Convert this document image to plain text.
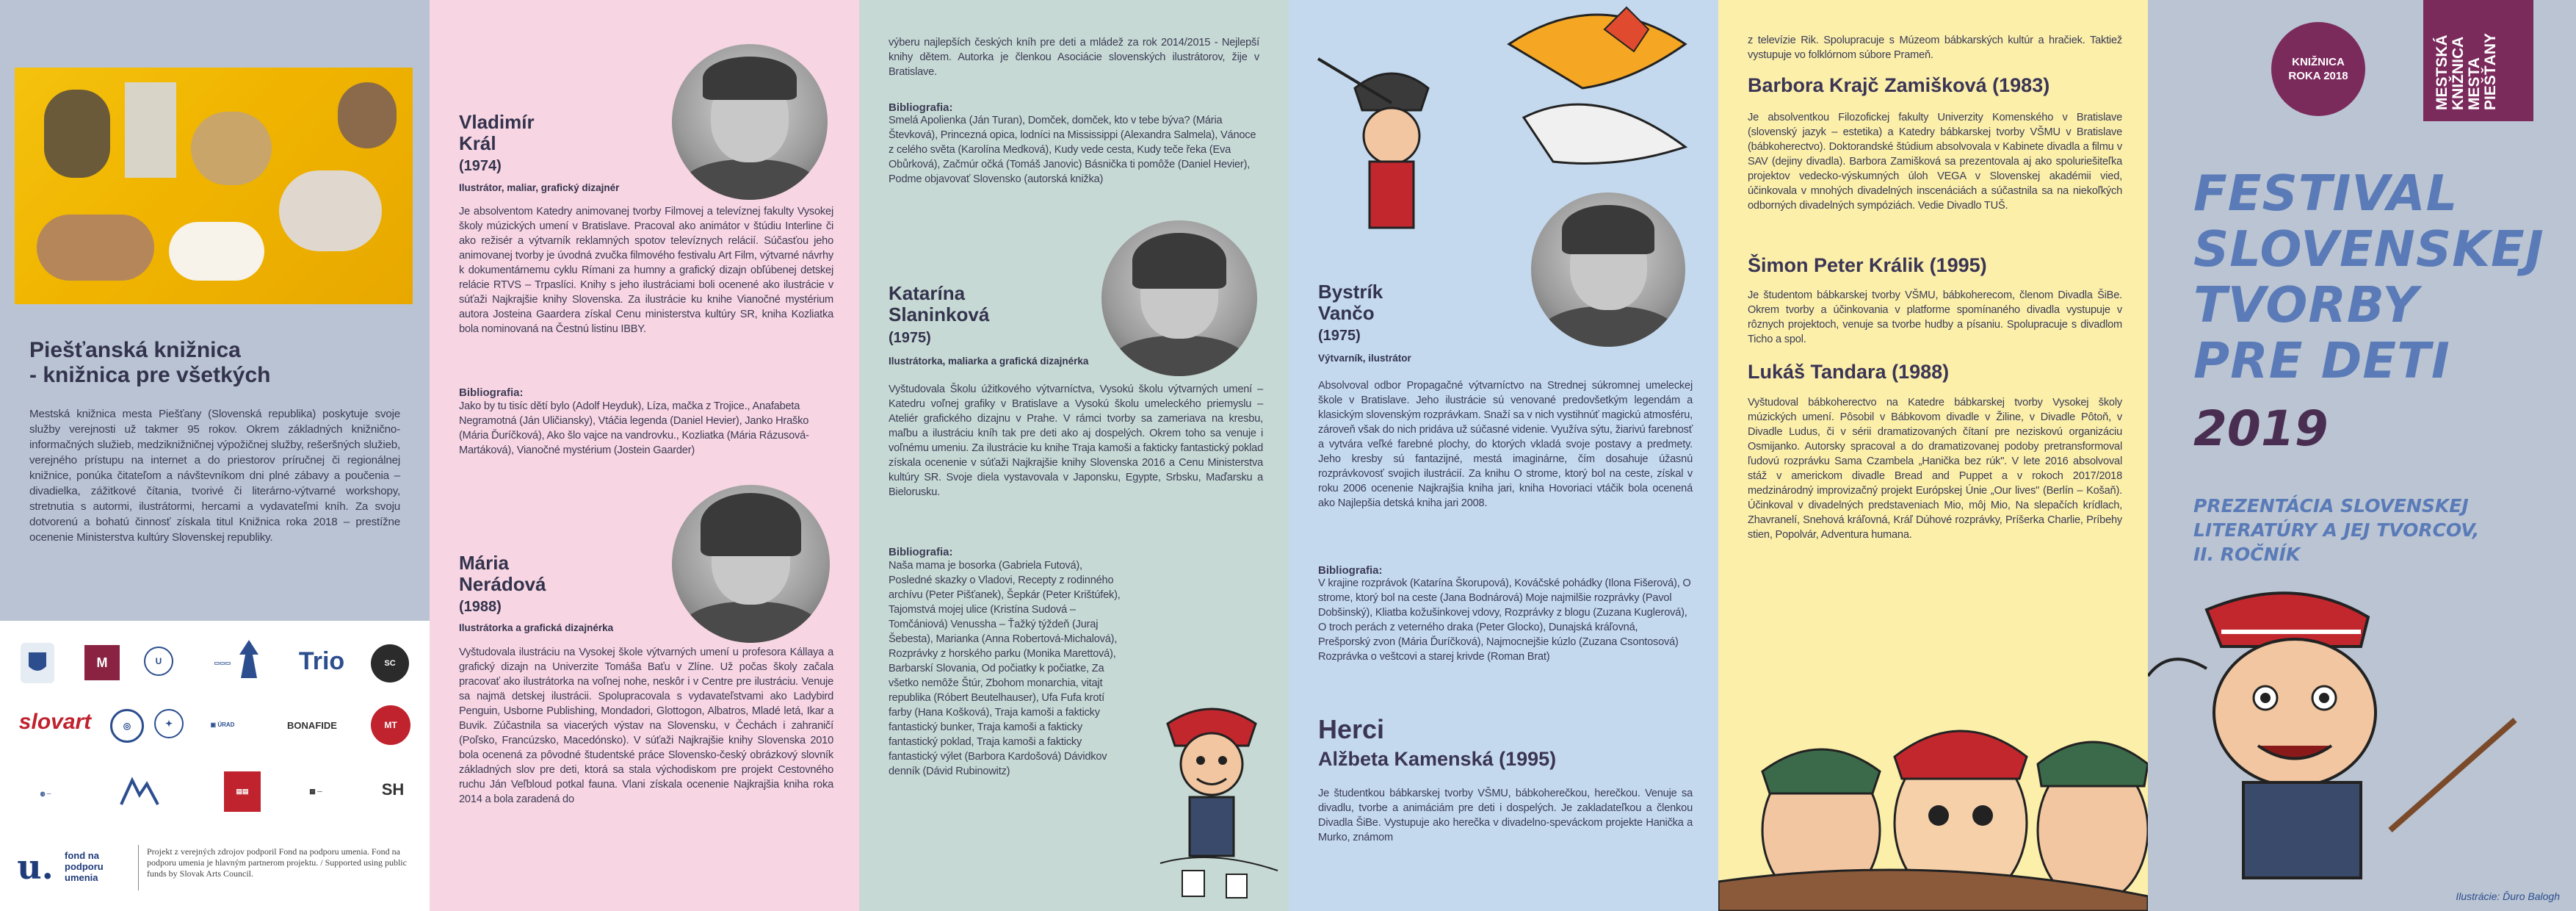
Piešťanská knižnica
- knižnica pre všetkých
Mestská knižnica mesta Piešťany (Slovenská republika) poskytuje svoje služby verejnosti už takmer 95 rokov. Okrem základných knižnično-informačných služieb, medziknižničnej výpožičnej služby, rešeršných služieb, verejného prístupu na internet a do priestorov príručnej či regionálnej knižnice, ponúka čitateľom a návštevníkom dni plné zábavy a poučenia – divadielka, zážitkové čítania, tvorivé či literárno-výtvarné workshopy, stretnutia s autormi, ilustrátormi, hercami a vydavateľmi kníh. Za svoju dotvorenú a bohatú činnosť získala titul Knižnica roka 2018 – prestížne ocenenie Ministerstva kultúry Slovenskej republiky.
M	U	▭▭▭	Trio	SC
slovart	◎	✦	▣ ÚRAD	BONAFIDE	MT
◍ ─	▤▤	▦ ─	SH
u.	fond na podporu umenia
Projekt z verejných zdrojov podporil Fond na podporu umenia. Fond na podporu umenia je hlavným partnerom projektu. / Supported using public funds by Slovak Arts Council.
Vladimír
Král
(1974)
Ilustrátor, maliar, grafický dizajnér
Je absolventom Katedry animovanej tvorby Filmovej a televíznej fakulty Vysokej školy múzických umení v Bratislave. Pracoval ako animátor v štúdiu Interline či ako režisér a výtvarník reklamných spotov televíznych relácií. Súčasťou jeho animovanej tvorby je úvodná zvučka filmového festivalu Art Film, výtvarné návrhy k dokumentárnemu cyklu Rímani za humny a grafický dizajn obľúbenej detskej relácie RTVS – Trpaslíci. Knihy s jeho ilustráciami boli ocenené ako ilustrácie v súťaži Najkrajšie knihy Slovenska. Za ilustrácie ku knihe Vianočné mystérium autora Josteina Gaardera získal Cenu ministerstva kultúry SR, kniha Kozliatka bola nominovaná na Čestnú listinu IBBY.
Bibliografia:
Jako by tu tisíc dětí bylo (Adolf Heyduk), Líza, mačka z Trojice., Anafabeta Negramotná (Ján Uličiansky), Vtáčia legenda (Daniel Hevier), Janko Hraško (Mária Ďuríčková), Ako šlo vajce na vandrovku., Kozliatka (Mária Rázusová-Martáková), Vianočné mystérium (Jostein Gaarder)
Mária
Nerádová
(1988)
Ilustrátorka a grafická dizajnérka
Vyštudovala ilustráciu na Vysokej škole výtvarných umení u profesora Kállaya a grafický dizajn na Univerzite Tomáša Baťu v Zlíne. Už počas školy začala pracovať ako ilustrátorka na voľnej nohe, neskôr i v Centre pre ilustráciu. Venuje sa najmä detskej ilustrácii. Spolupracovala s vydavateľstvami ako Ladybird Penguin, Usborne Publishing, Mondadori, Glottogon, Albatros, Mladé letá, Ikar a Buvik. Zúčastnila sa viacerých výstav na Slovensku, v Čechách i zahraničí (Poľsko, Francúzsko, Macedónsko). V súťaži Najkrajšie knihy Slovenska 2010 bola ocenená za pôvodné študentské práce Slovensko-český obrázkový slovník základných slov pre deti, ktorá sa stala východiskom pre projekt Cestovného ruchu Ján Veľbloud potkal fauna. Vlani získala ocenenie Najkrajšia kniha roka 2014 a bola zaradená do
výberu najlepších českých kníh pre deti a mládež za rok 2014/2015 - Nejlepší knihy dětem. Autorka je členkou Asociácie slovenských ilustrátorov, žije v Bratislave.
Bibliografia:
Smelá Apolienka (Ján Turan), Domček, domček, kto v tebe býva? (Mária Števková), Princezná opica, lodníci na Mississippi (Alexandra Salmela), Vánoce z celého světa (Karolína Medková), Kudy vede cesta, Kudy teče řeka (Eva Obůrková), Začmúr očká (Tomáš Janovic) Básnička ti pomôže (Daniel Hevier), Podme objavovať Slovensko (autorská knižka)
Katarína
Slaninková
(1975)
Ilustrátorka, maliarka a grafická dizajnérka
Vyštudovala Školu úžitkového výtvarníctva, Vysokú školu výtvarných umení – Katedru voľnej grafiky v Bratislave a Vysokú školu umeleckého priemyslu – Ateliér grafického dizajnu v Prahe. V rámci tvorby sa zameriava na kresbu, maľbu a ilustráciu kníh tak pre deti ako aj dospelých. Okrem toho sa venuje i voľnému umeniu. Za ilustrácie ku knihe Traja kamoši a fakticky fantastický poklad získala ocenenie v súťaži Najkrajšie knihy Slovenska 2016 a Cenu Ministerstva kultúry SR. Svoje diela vystavovala v Japonsku, Egypte, Srbsku, Maďarsku a Bielorusku.
Bibliografia:
Naša mama je bosorka (Gabriela Futová), Posledné skazky o Vladovi, Recepty z rodinného archívu (Peter Pišťanek), Šepkár (Peter Krištúfek), Tajomstvá mojej ulice (Kristína Sudová – Tomčániová) Venussha – Ťažký týždeň (Juraj Šebesta), Marianka (Anna Robertová-Michalová), Rozprávky z horského parku (Monika Marettová), Barbarskí Slovania, Od počiatky k počiatke, Za všetko nemôže Štúr, Zbohom monarchia, vitajt republika (Róbert Beutelhauser), Ufa Fufa krotí farby (Hana Košková), Traja kamoši a fakticky fantastický bunker, Traja kamoši a fakticky fantastický poklad, Traja kamoši a fakticky fantastický výlet (Barbora Kardošová) Dávidkov denník (Dávid Rubinowitz)
Bystrík
Vančo
(1975)
Výtvarník, ilustrátor
Absolvoval odbor Propagačné výtvarníctvo na Strednej súkromnej umeleckej škole v Bratislave. Jeho ilustrácie sú venované predovšetkým legendám a klasickým slovenským rozprávkam. Snaží sa v nich vystihnúť magickú atmosféru, zároveň však do nich pridáva už súčasné videnie. Využíva sýtu, žiarivú farebnosť a vytvára veľké farebné plochy, do ktorých vkladá svoje postavy a predmety. Jeho kresby sú fantazijné, mestá imaginárne, čím dosahuje úžasnú rozprávkovosť svojich ilustrácií. Za knihu O strome, ktorý bol na ceste, získal v roku 2006 ocenenie Najkrajšia kniha jari, kniha Hovoriaci vtáčik bola ocenená ako Najlepšia detská kniha jari 2008.
Bibliografia:
V krajine rozprávok (Katarína Škorupová), Kováčské pohádky (Ilona Fišerová), O strome, ktorý bol na ceste (Jana Bodnárová) Moje najmilšie rozprávky (Pavol Dobšinský), Kliatba kožušinkovej vdovy, Rozprávky z blogu (Zuzana Kuglerová), O troch perách z veterného draka (Peter Glocko), Dunajská kráľovná, Prešporský zvon (Mária Ďuríčková), Najmocnejšie kúzlo (Zuzana Csontosová) Rozprávka o veštcovi a starej krivde (Roman Brat)
Herci
Alžbeta Kamenská (1995)
Je študentkou bábkarskej tvorby VŠMU, bábkoherečkou, herečkou. Venuje sa divadlu, tvorbe a animáciám pre deti i dospelých. Je zakladateľkou a členkou Divadla ŠiBe. Vystupuje ako herečka v divadelno-speváckom projekte Hanička a Murko, známom
z televízie Rik. Spolupracuje s Múzeom bábkarských kultúr a hračiek. Taktiež vystupuje vo folklórnom súbore Prameň.
Barbora Krajč Zamišková (1983)
Je absolventkou Filozofickej fakulty Univerzity Komenského v Bratislave (slovenský jazyk – estetika) a Katedry bábkarskej tvorby VŠMU v Bratislave (bábkoherectvo). Doktorandské štúdium absolvovala v Kabinete divadla a filmu v SAV (dejiny divadla). Barbora Zamišková sa prezentovala aj ako spoluriešiteľka projektov vedecko-výskumných úloh VEGA v Slovenskej akadémii vied, účinkovala v mnohých divadelných inscenáciách a súčastnila sa na niekoľkých odborných divadelných sympóziách. Vedie Divadlo TUŠ.
Šimon Peter Králik (1995)
Je študentom bábkarskej tvorby VŠMU, bábkoherecom, členom Divadla ŠiBe. Okrem tvorby a účinkovania v platforme spomínaného divadla vystupuje v rôznych projektoch, venuje sa tvorbe hudby a písaniu. Spolupracuje s divadlom Ticho a spol.
Lukáš Tandara (1988)
Vyštudoval bábkoherectvo na Katedre bábkarskej tvorby Vysokej školy múzických umení. Pôsobil v Bábkovom divadle v Žiline, v Divadle Pôtoň, v Divadle Ludus, či v sérii dramatizovaných čítaní pre neziskovú organizáciu Osmijanko. Autorsky spracoval a do dramatizovanej podoby pretransformoval ľudovú rozprávku Sama Czambela „Hanička bez rúk". V lete 2016 absolvoval stáž v americkom divadle Bread and Puppet a v rokoch 2017/2018 medzinárodný improvizačný projekt Európskej Únie „Our lives" (Berlín – Košaň). Účinkoval v divadelných predstaveniach Mio, môj Mio, Na slepačích krídlach, Zhavranelí, Snehová kráľovná, Kráľ Dúhové rozprávky, Príšerka Charlie, Príbehy stien, Popolvár, Adventura humana.
KNIŽNICA
ROKA 2018	MESTSKÁ
KNIŽNICA
MESTA
PIEŠŤANY
FESTIVAL
SLOVENSKEJ
TVORBY
PRE DETI
2019
PREZENTÁCIA SLOVENSKEJ
LITERATÚRY A JEJ TVORCOV,
II. ROČNÍK
Ilustrácie: Ďuro Balogh
